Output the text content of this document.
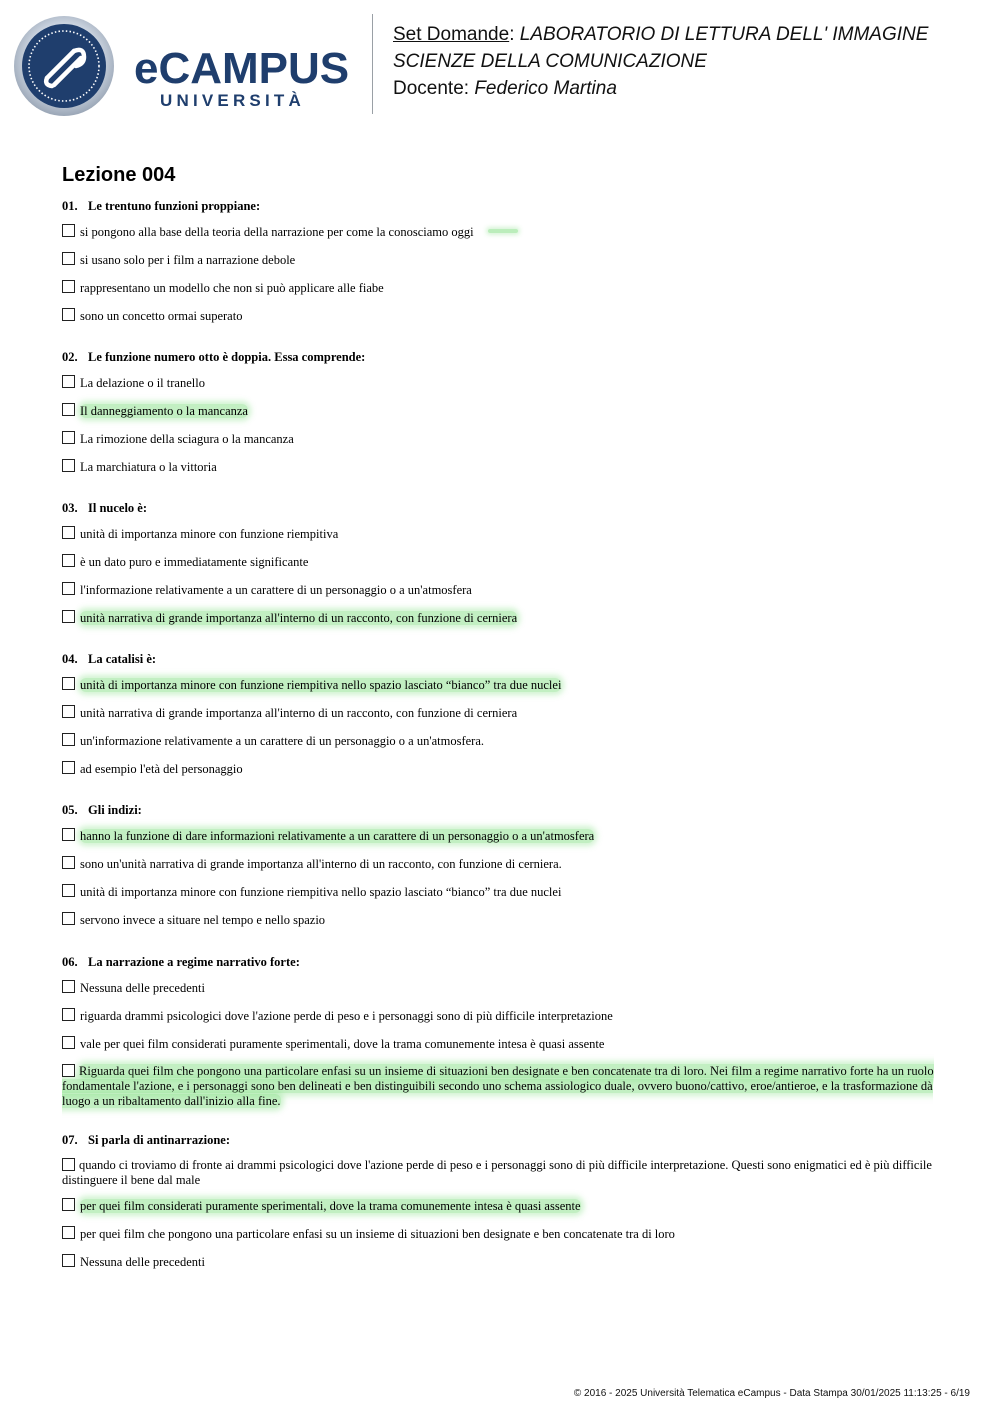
eCAMPUS
UNIVERSITÀ
Set Domande: LABORATORIO DI LETTURA DELL' IMMAGINE
SCIENZE DELLA COMUNICAZIONE
Docente: Federico Martina
Lezione 004
01. Le trentuno funzioni proppiane:
si pongono alla base della teoria della narrazione per come la conosciamo oggi
si usano solo per i film a narrazione debole
rappresentano un modello che non si può applicare alle fiabe
sono un concetto ormai superato
02. Le funzione numero otto è doppia. Essa comprende:
La delazione o il tranello
Il danneggiamento o la mancanza
La rimozione della sciagura o la mancanza
La marchiatura o la vittoria
03. Il nucelo è:
unità di importanza minore con funzione riempitiva
è un dato puro e immediatamente significante
l'informazione relativamente a un carattere di un personaggio o a un'atmosfera
unità narrativa di grande importanza all'interno di un racconto, con funzione di cerniera
04. La catalisi è:
unità di importanza minore con funzione riempitiva nello spazio lasciato “bianco” tra due nuclei
unità narrativa di grande importanza all'interno di un racconto, con funzione di cerniera
un'informazione relativamente a un carattere di un personaggio o a un'atmosfera.
ad esempio l'età del personaggio
05. Gli indizi:
hanno la funzione di dare informazioni relativamente a un carattere di un personaggio o a un'atmosfera
sono un'unità narrativa di grande importanza all'interno di un racconto, con funzione di cerniera.
unità di importanza minore con funzione riempitiva nello spazio lasciato “bianco” tra due nuclei
servono invece a situare nel tempo e nello spazio
06. La narrazione a regime narrativo forte:
Nessuna delle precedenti
riguarda drammi psicologici dove l'azione perde di peso e i personaggi sono di più difficile interpretazione
vale per quei film considerati puramente sperimentali, dove la trama comunemente intesa è quasi assente
Riguarda quei film che pongono una particolare enfasi su un insieme di situazioni ben designate e ben concatenate tra di loro. Nei film a regime narrativo forte ha un ruolo fondamentale l'azione, e i personaggi sono ben delineati e ben distinguibili secondo uno schema assiologico duale, ovvero buono/cattivo, eroe/antieroe, e la trasformazione dà luogo a un ribaltamento dall'inizio alla fine.
07. Si parla di antinarrazione:
quando ci troviamo di fronte ai drammi psicologici dove l'azione perde di peso e i personaggi sono di più difficile interpretazione. Questi sono enigmatici ed è più difficile distinguere il bene dal male
per quei film considerati puramente sperimentali, dove la trama comunemente intesa è quasi assente
per quei film che pongono una particolare enfasi su un insieme di situazioni ben designate e ben concatenate tra di loro
Nessuna delle precedenti
© 2016 - 2025 Università Telematica eCampus - Data Stampa 30/01/2025 11:13:25 - 6/19
